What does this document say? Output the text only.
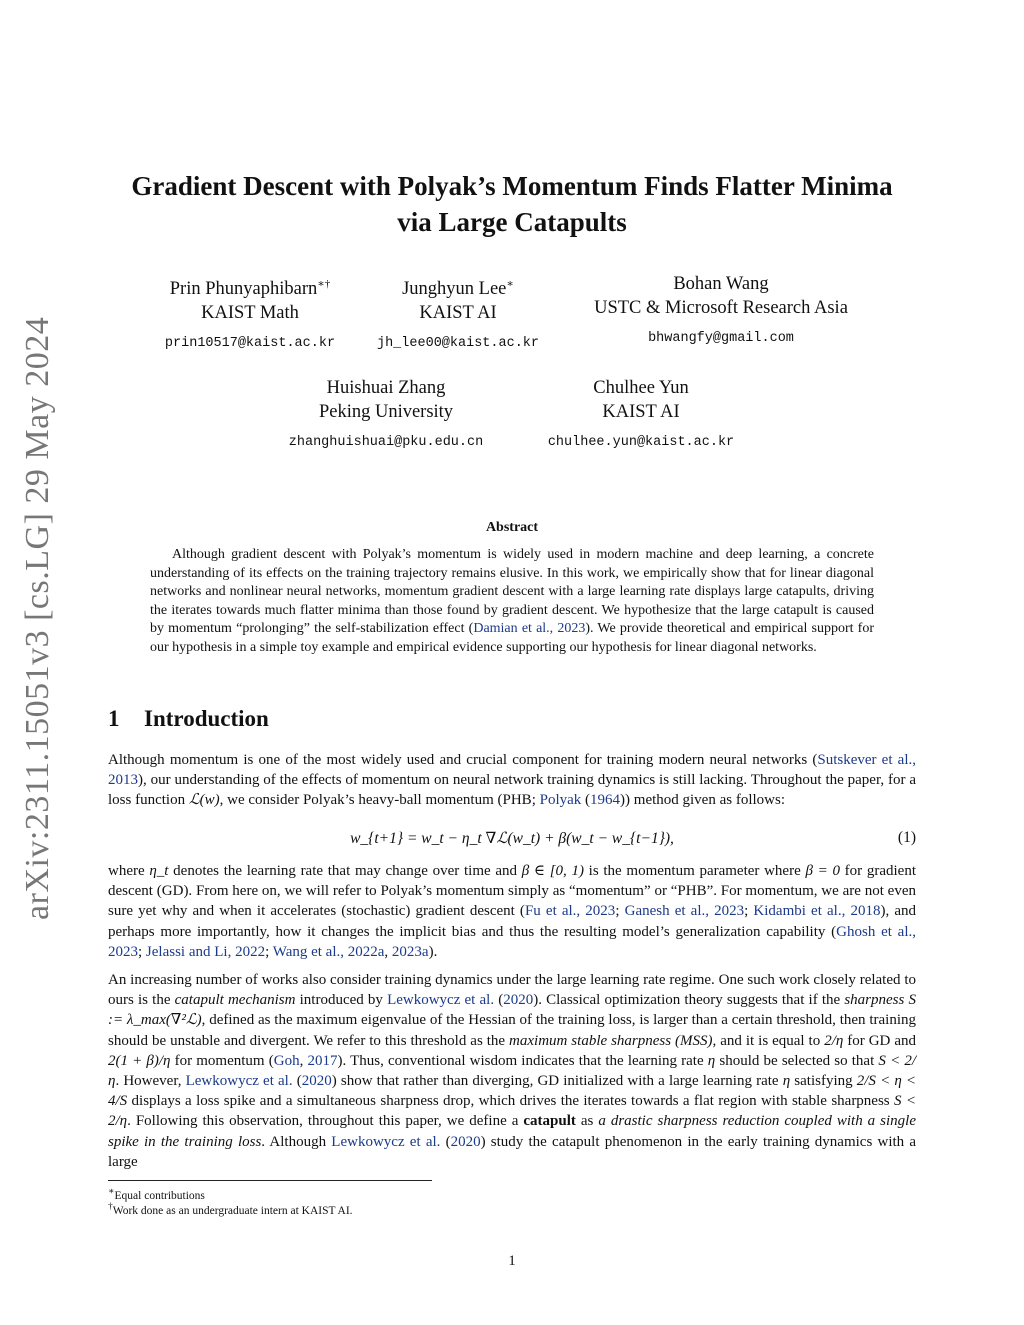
arXiv:2311.15051v3 [cs.LG] 29 May 2024
Gradient Descent with Polyak’s Momentum Finds Flatter Minima
via Large Catapults
Prin Phunyaphibarn∗†
KAIST Math
prin10517@kaist.ac.kr
Junghyun Lee∗
KAIST AI
jh_lee00@kaist.ac.kr
Bohan Wang
USTC & Microsoft Research Asia
bhwangfy@gmail.com
Huishuai Zhang
Peking University
zhanghuishuai@pku.edu.cn
Chulhee Yun
KAIST AI
chulhee.yun@kaist.ac.kr
Abstract

Although gradient descent with Polyak’s momentum is widely used in modern machine and deep learning, a concrete understanding of its effects on the training trajectory remains elusive. In this work, we empirically show that for linear diagonal networks and nonlinear neural networks, momentum gradient descent with a large learning rate displays large catapults, driving the iterates towards much flatter minima than those found by gradient descent. We hypothesize that the large catapult is caused by momentum “prolonging” the self-stabilization effect (Damian et al., 2023). We provide theoretical and empirical support for our hypothesis in a simple toy example and empirical evidence supporting our hypothesis for linear diagonal networks.

1 Introduction

Although momentum is one of the most widely used and crucial component for training modern neural networks (Sutskever et al., 2013), our understanding of the effects of momentum on neural network training dynamics is still lacking. Throughout the paper, for a loss function ℒ(w), we consider Polyak’s heavy-ball momentum (PHB; Polyak (1964)) method given as follows:

w_{t+1} = w_t − η_t ∇ℒ(w_t) + β(w_t − w_{t−1}),	(1)

where η_t denotes the learning rate that may change over time and β ∈ [0, 1) is the momentum parameter where β = 0 for gradient descent (GD). From here on, we will refer to Polyak’s momentum simply as “momentum” or “PHB”. For momentum, we are not even sure yet why and when it accelerates (stochastic) gradient descent (Fu et al., 2023; Ganesh et al., 2023; Kidambi et al., 2018), and perhaps more importantly, how it changes the implicit bias and thus the resulting model’s generalization capability (Ghosh et al., 2023; Jelassi and Li, 2022; Wang et al., 2022a, 2023a).

An increasing number of works also consider training dynamics under the large learning rate regime. One such work closely related to ours is the catapult mechanism introduced by Lewkowycz et al. (2020). Classical optimization theory suggests that if the sharpness S := λ_max(∇²ℒ), defined as the maximum eigenvalue of the Hessian of the training loss, is larger than a certain threshold, then training should be unstable and divergent. We refer to this threshold as the maximum stable sharpness (MSS), and it is equal to 2/η for GD and 2(1 + β)/η for momentum (Goh, 2017). Thus, conventional wisdom indicates that the learning rate η should be selected so that S < 2/η. However, Lewkowycz et al. (2020) show that rather than diverging, GD initialized with a large learning rate η satisfying 2/S < η < 4/S displays a loss spike and a simultaneous sharpness drop, which drives the iterates towards a flat region with stable sharpness S < 2/η. Following this observation, throughout this paper, we define a catapult as a drastic sharpness reduction coupled with a single spike in the training loss. Although Lewkowycz et al. (2020) study the catapult phenomenon in the early training dynamics with a large

∗Equal contributions
†Work done as an undergraduate intern at KAIST AI.
1
